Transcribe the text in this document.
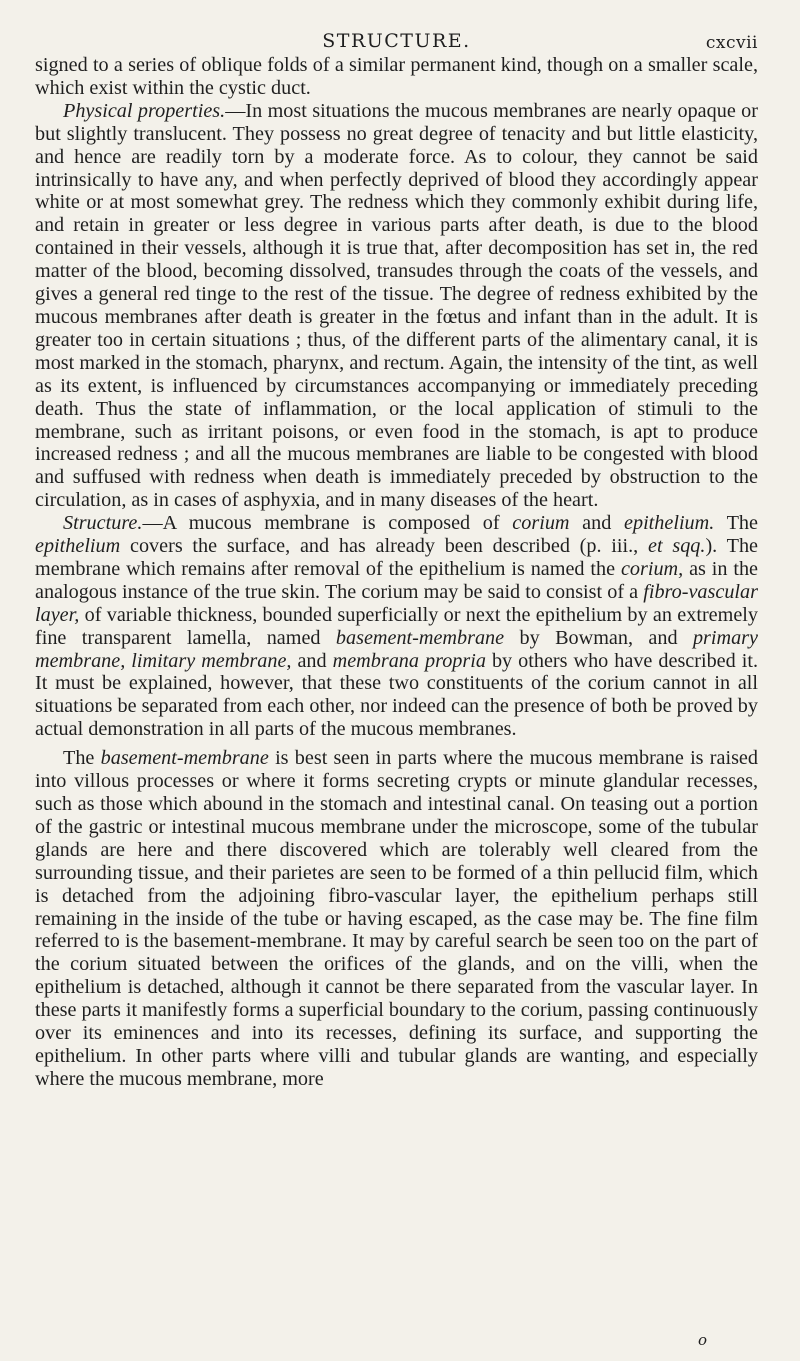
STRUCTURE.	cxcvii

signed to a series of oblique folds of a similar permanent kind, though on a smaller scale, which exist within the cystic duct.

Physical properties.—In most situations the mucous membranes are nearly opaque or but slightly translucent. They possess no great degree of tenacity and but little elasticity, and hence are readily torn by a moderate force. As to colour, they cannot be said intrinsically to have any, and when perfectly deprived of blood they accordingly appear white or at most somewhat grey. The redness which they commonly exhibit during life, and retain in greater or less degree in various parts after death, is due to the blood contained in their vessels, although it is true that, after decomposition has set in, the red matter of the blood, becoming dissolved, transudes through the coats of the vessels, and gives a general red tinge to the rest of the tissue. The degree of redness exhibited by the mucous membranes after death is greater in the fœtus and infant than in the adult. It is greater too in certain situations ; thus, of the different parts of the alimentary canal, it is most marked in the stomach, pharynx, and rectum. Again, the intensity of the tint, as well as its extent, is influenced by circumstances accompanying or immediately preceding death. Thus the state of inflammation, or the local application of stimuli to the membrane, such as irritant poisons, or even food in the stomach, is apt to produce increased redness ; and all the mucous membranes are liable to be congested with blood and suffused with redness when death is immediately preceded by obstruction to the circulation, as in cases of asphyxia, and in many diseases of the heart.

Structure.—A mucous membrane is composed of corium and epithelium. The epithelium covers the surface, and has already been described (p. iii., et sqq.). The membrane which remains after removal of the epithelium is named the corium, as in the analogous instance of the true skin. The corium may be said to consist of a fibro-vascular layer, of variable thickness, bounded superficially or next the epithelium by an extremely fine transparent lamella, named basement-membrane by Bowman, and primary membrane, limitary membrane, and membrana propria by others who have described it. It must be explained, however, that these two constituents of the corium cannot in all situations be separated from each other, nor indeed can the presence of both be proved by actual demonstration in all parts of the mucous membranes.

The basement-membrane is best seen in parts where the mucous membrane is raised into villous processes or where it forms secreting crypts or minute glandular recesses, such as those which abound in the stomach and intestinal canal. On teasing out a portion of the gastric or intestinal mucous membrane under the microscope, some of the tubular glands are here and there discovered which are tolerably well cleared from the surrounding tissue, and their parietes are seen to be formed of a thin pellucid film, which is detached from the adjoining fibro-vascular layer, the epithelium perhaps still remaining in the inside of the tube or having escaped, as the case may be. The fine film referred to is the basement-membrane. It may by careful search be seen too on the part of the corium situated between the orifices of the glands, and on the villi, when the epithelium is detached, although it cannot be there separated from the vascular layer. In these parts it manifestly forms a superficial boundary to the corium, passing continuously over its eminences and into its recesses, defining its surface, and supporting the epithelium. In other parts where villi and tubular glands are wanting, and especially where the mucous membrane, more

o
